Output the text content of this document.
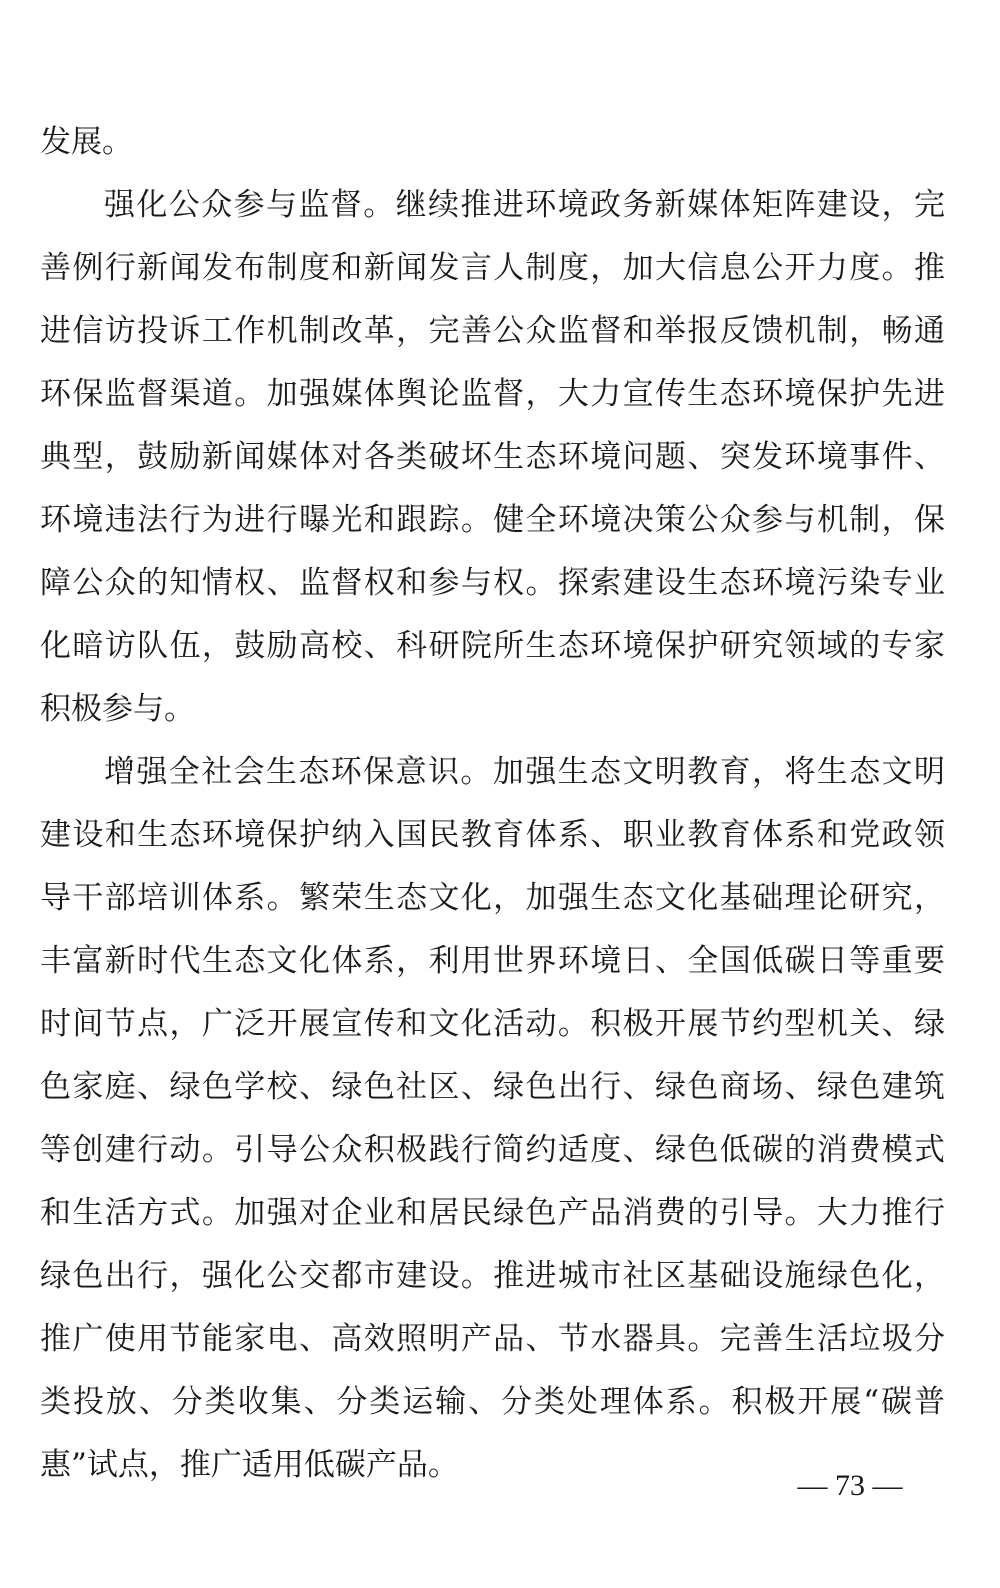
发展。
强化公众参与监督。继续推进环境政务新媒体矩阵建设，完
善例行新闻发布制度和新闻发言人制度，加大信息公开力度。推
进信访投诉工作机制改革，完善公众监督和举报反馈机制，畅通
环保监督渠道。加强媒体舆论监督，大力宣传生态环境保护先进
典型，鼓励新闻媒体对各类破坏生态环境问题、突发环境事件、
环境违法行为进行曝光和跟踪。健全环境决策公众参与机制，保
障公众的知情权、监督权和参与权。探索建设生态环境污染专业
化暗访队伍，鼓励高校、科研院所生态环境保护研究领域的专家
积极参与。
增强全社会生态环保意识。加强生态文明教育，将生态文明
建设和生态环境保护纳入国民教育体系、职业教育体系和党政领
导干部培训体系。繁荣生态文化，加强生态文化基础理论研究，
丰富新时代生态文化体系，利用世界环境日、全国低碳日等重要
时间节点，广泛开展宣传和文化活动。积极开展节约型机关、绿
色家庭、绿色学校、绿色社区、绿色出行、绿色商场、绿色建筑
等创建行动。引导公众积极践行简约适度、绿色低碳的消费模式
和生活方式。加强对企业和居民绿色产品消费的引导。大力推行
绿色出行，强化公交都市建设。推进城市社区基础设施绿色化，
推广使用节能家电、高效照明产品、节水器具。完善生活垃圾分
类投放、分类收集、分类运输、分类处理体系。积极开展“碳普
惠”试点，推广适用低碳产品。
— 73 —
